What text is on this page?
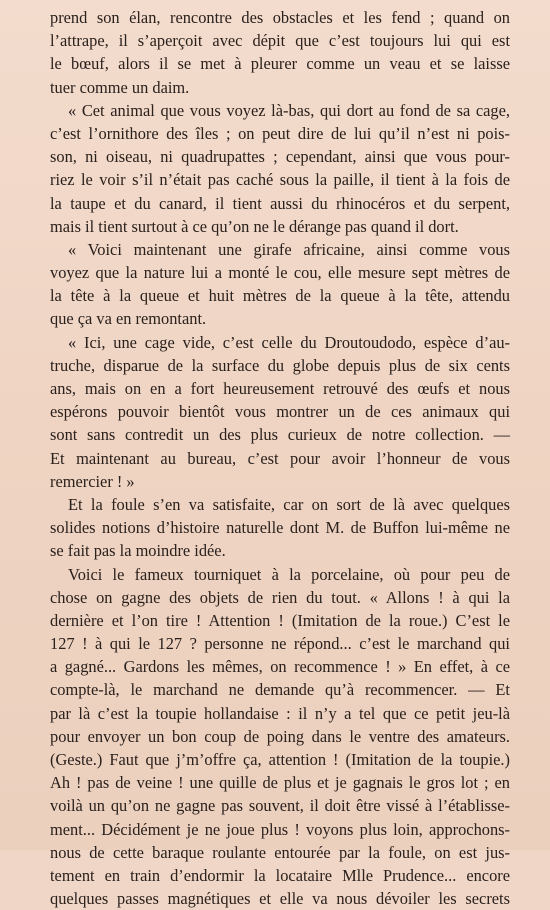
prend son élan, rencontre des obstacles et les fend ; quand on
l’attrape, il s’aperçoit avec dépit que c’est toujours lui qui est
le bœuf, alors il se met à pleurer comme un veau et se laisse
tuer comme un daim.
« Cet animal que vous voyez là-bas, qui dort au fond de sa cage,
c’est l’ornithore des îles ; on peut dire de lui qu’il n’est ni pois-
son, ni oiseau, ni quadrupattes ; cependant, ainsi que vous pour-
riez le voir s’il n’était pas caché sous la paille, il tient à la fois de
la taupe et du canard, il tient aussi du rhinocéros et du serpent,
mais il tient surtout à ce qu’on ne le dérange pas quand il dort.
« Voici maintenant une girafe africaine, ainsi comme vous
voyez que la nature lui a monté le cou, elle mesure sept mètres de
la tête à la queue et huit mètres de la queue à la tête, attendu
que ça va en remontant.
« Ici, une cage vide, c’est celle du Droutoudodo, espèce d’au-
truche, disparue de la surface du globe depuis plus de six cents
ans, mais on en a fort heureusement retrouvé des œufs et nous
espérons pouvoir bientôt vous montrer un de ces animaux qui
sont sans contredit un des plus curieux de notre collection. —
Et maintenant au bureau, c’est pour avoir l’honneur de vous
remercier ! »
Et la foule s’en va satisfaite, car on sort de là avec quelques
solides notions d’histoire naturelle dont M. de Buffon lui-même ne
se fait pas la moindre idée.
Voici le fameux tourniquet à la porcelaine, où pour peu de
chose on gagne des objets de rien du tout. « Allons ! à qui la
dernière et l’on tire ! Attention ! (Imitation de la roue.) C’est le
127 ! à qui le 127 ? personne ne répond... c’est le marchand qui
a gagné... Gardons les mêmes, on recommence ! » En effet, à ce
compte-là, le marchand ne demande qu’à recommencer. — Et
par là c’est la toupie hollandaise : il n’y a tel que ce petit jeu-là
pour envoyer un bon coup de poing dans le ventre des amateurs.
(Geste.) Faut que j’m’offre ça, attention ! (Imitation de la toupie.)
Ah ! pas de veine ! une quille de plus et je gagnais le gros lot ; en
voilà un qu’on ne gagne pas souvent, il doit être vissé à l’établisse-
ment... Décidément je ne joue plus ! voyons plus loin, approchons-
nous de cette baraque roulante entourée par la foule, on est jus-
tement en train d’endormir la locataire Mlle Prudence... encore
quelques passes magnétiques et elle va nous dévoiler les secrets
